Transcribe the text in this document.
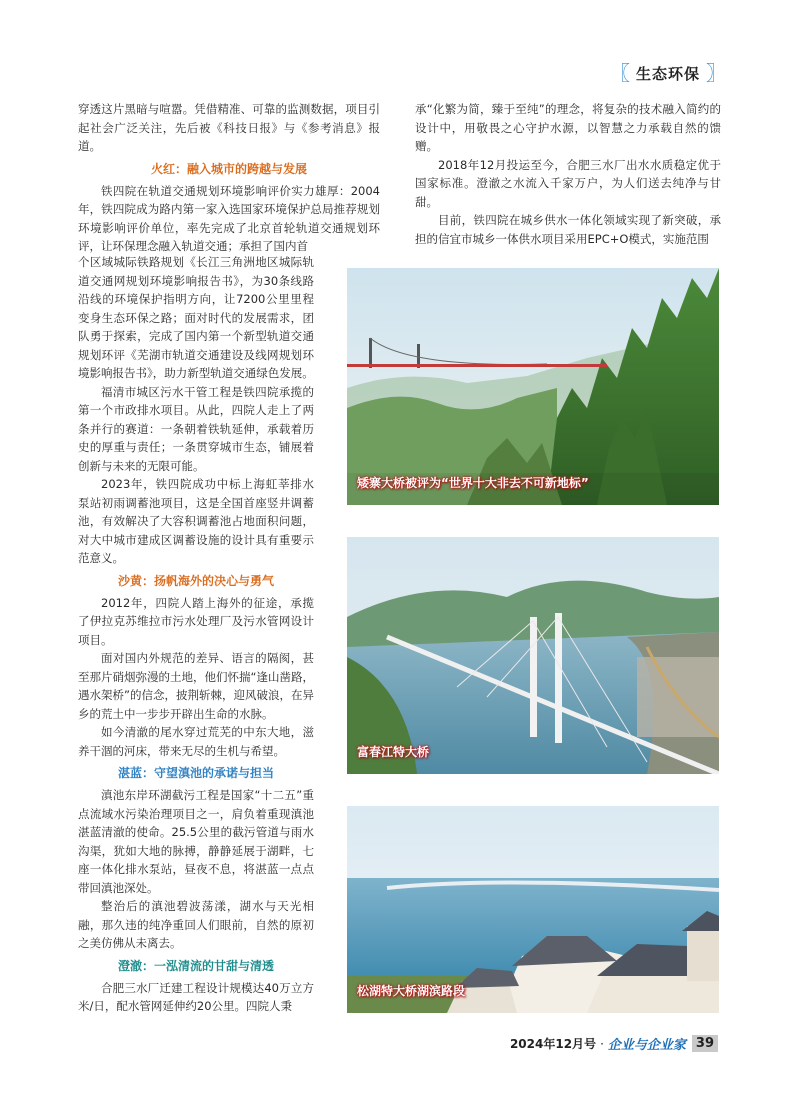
〖 生态环保 〗

穿透这片黑暗与喧嚣。凭借精准、可靠的监测数据，项目引起社会广泛关注，先后被《科技日报》与《参考消息》报道。

火红：融入城市的跨越与发展

铁四院在轨道交通规划环境影响评价实力雄厚：2004年，铁四院成为路内第一家入选国家环境保护总局推荐规划环境影响评价单位，率先完成了北京首轮轨道交通规划环评，让环保理念融入轨道交通；承担了国内首

个区域城际铁路规划《长江三角洲地区城际轨道交通网规划环境影响报告书》，为30条线路沿线的环境保护指明方向，让7200公里里程变身生态环保之路；面对时代的发展需求，团队勇于探索，完成了国内第一个新型轨道交通规划环评《芜湖市轨道交通建设及线网规划环境影响报告书》，助力新型轨道交通绿色发展。

福清市城区污水干管工程是铁四院承揽的第一个市政排水项目。从此，四院人走上了两条并行的赛道：一条朝着铁轨延伸，承载着历史的厚重与责任；一条贯穿城市生态，铺展着创新与未来的无限可能。

2023年，铁四院成功中标上海虹莘排水泵站初雨调蓄池项目，这是全国首座竖井调蓄池，有效解决了大容积调蓄池占地面积问题，对大中城市建成区调蓄设施的设计具有重要示范意义。

沙黄：扬帆海外的决心与勇气

2012年，四院人踏上海外的征途，承揽了伊拉克苏维拉市污水处理厂及污水管网设计项目。

面对国内外规范的差异、语言的隔阂，甚至那片硝烟弥漫的土地，他们怀揣“逢山凿路，遇水架桥”的信念，披荆斩棘，迎风破浪，在异乡的荒土中一步步开辟出生命的水脉。

如今清澈的尾水穿过荒芜的中东大地，滋养干涸的河床，带来无尽的生机与希望。

湛蓝：守望滇池的承诺与担当

滇池东岸环湖截污工程是国家“十二五”重点流域水污染治理项目之一，肩负着重现滇池湛蓝清澈的使命。25.5公里的截污管道与雨水沟渠，犹如大地的脉搏，静静延展于湖畔，七座一体化排水泵站，昼夜不息，将湛蓝一点点带回滇池深处。

整治后的滇池碧波荡漾，湖水与天光相融，那久违的纯净重回人们眼前，自然的原初之美仿佛从未离去。

澄澈：一泓清流的甘甜与清透

合肥三水厂迁建工程设计规模达40万立方米/日，配水管网延伸约20公里。四院人秉

承“化繁为简，臻于至纯”的理念，将复杂的技术融入简约的设计中，用敬畏之心守护水源，以智慧之力承载自然的馈赠。

2018年12月投运至今，合肥三水厂出水水质稳定优于国家标准。澄澈之水流入千家万户，为人们送去纯净与甘甜。

目前，铁四院在城乡供水一体化领域实现了新突破，承担的信宜市城乡一体供水项目采用EPC+O模式，实施范围

矮寨大桥被评为“世界十大非去不可新地标”
富春江特大桥
松湖特大桥湖滨路段
2024年12月号 · 企业与企业家 39
